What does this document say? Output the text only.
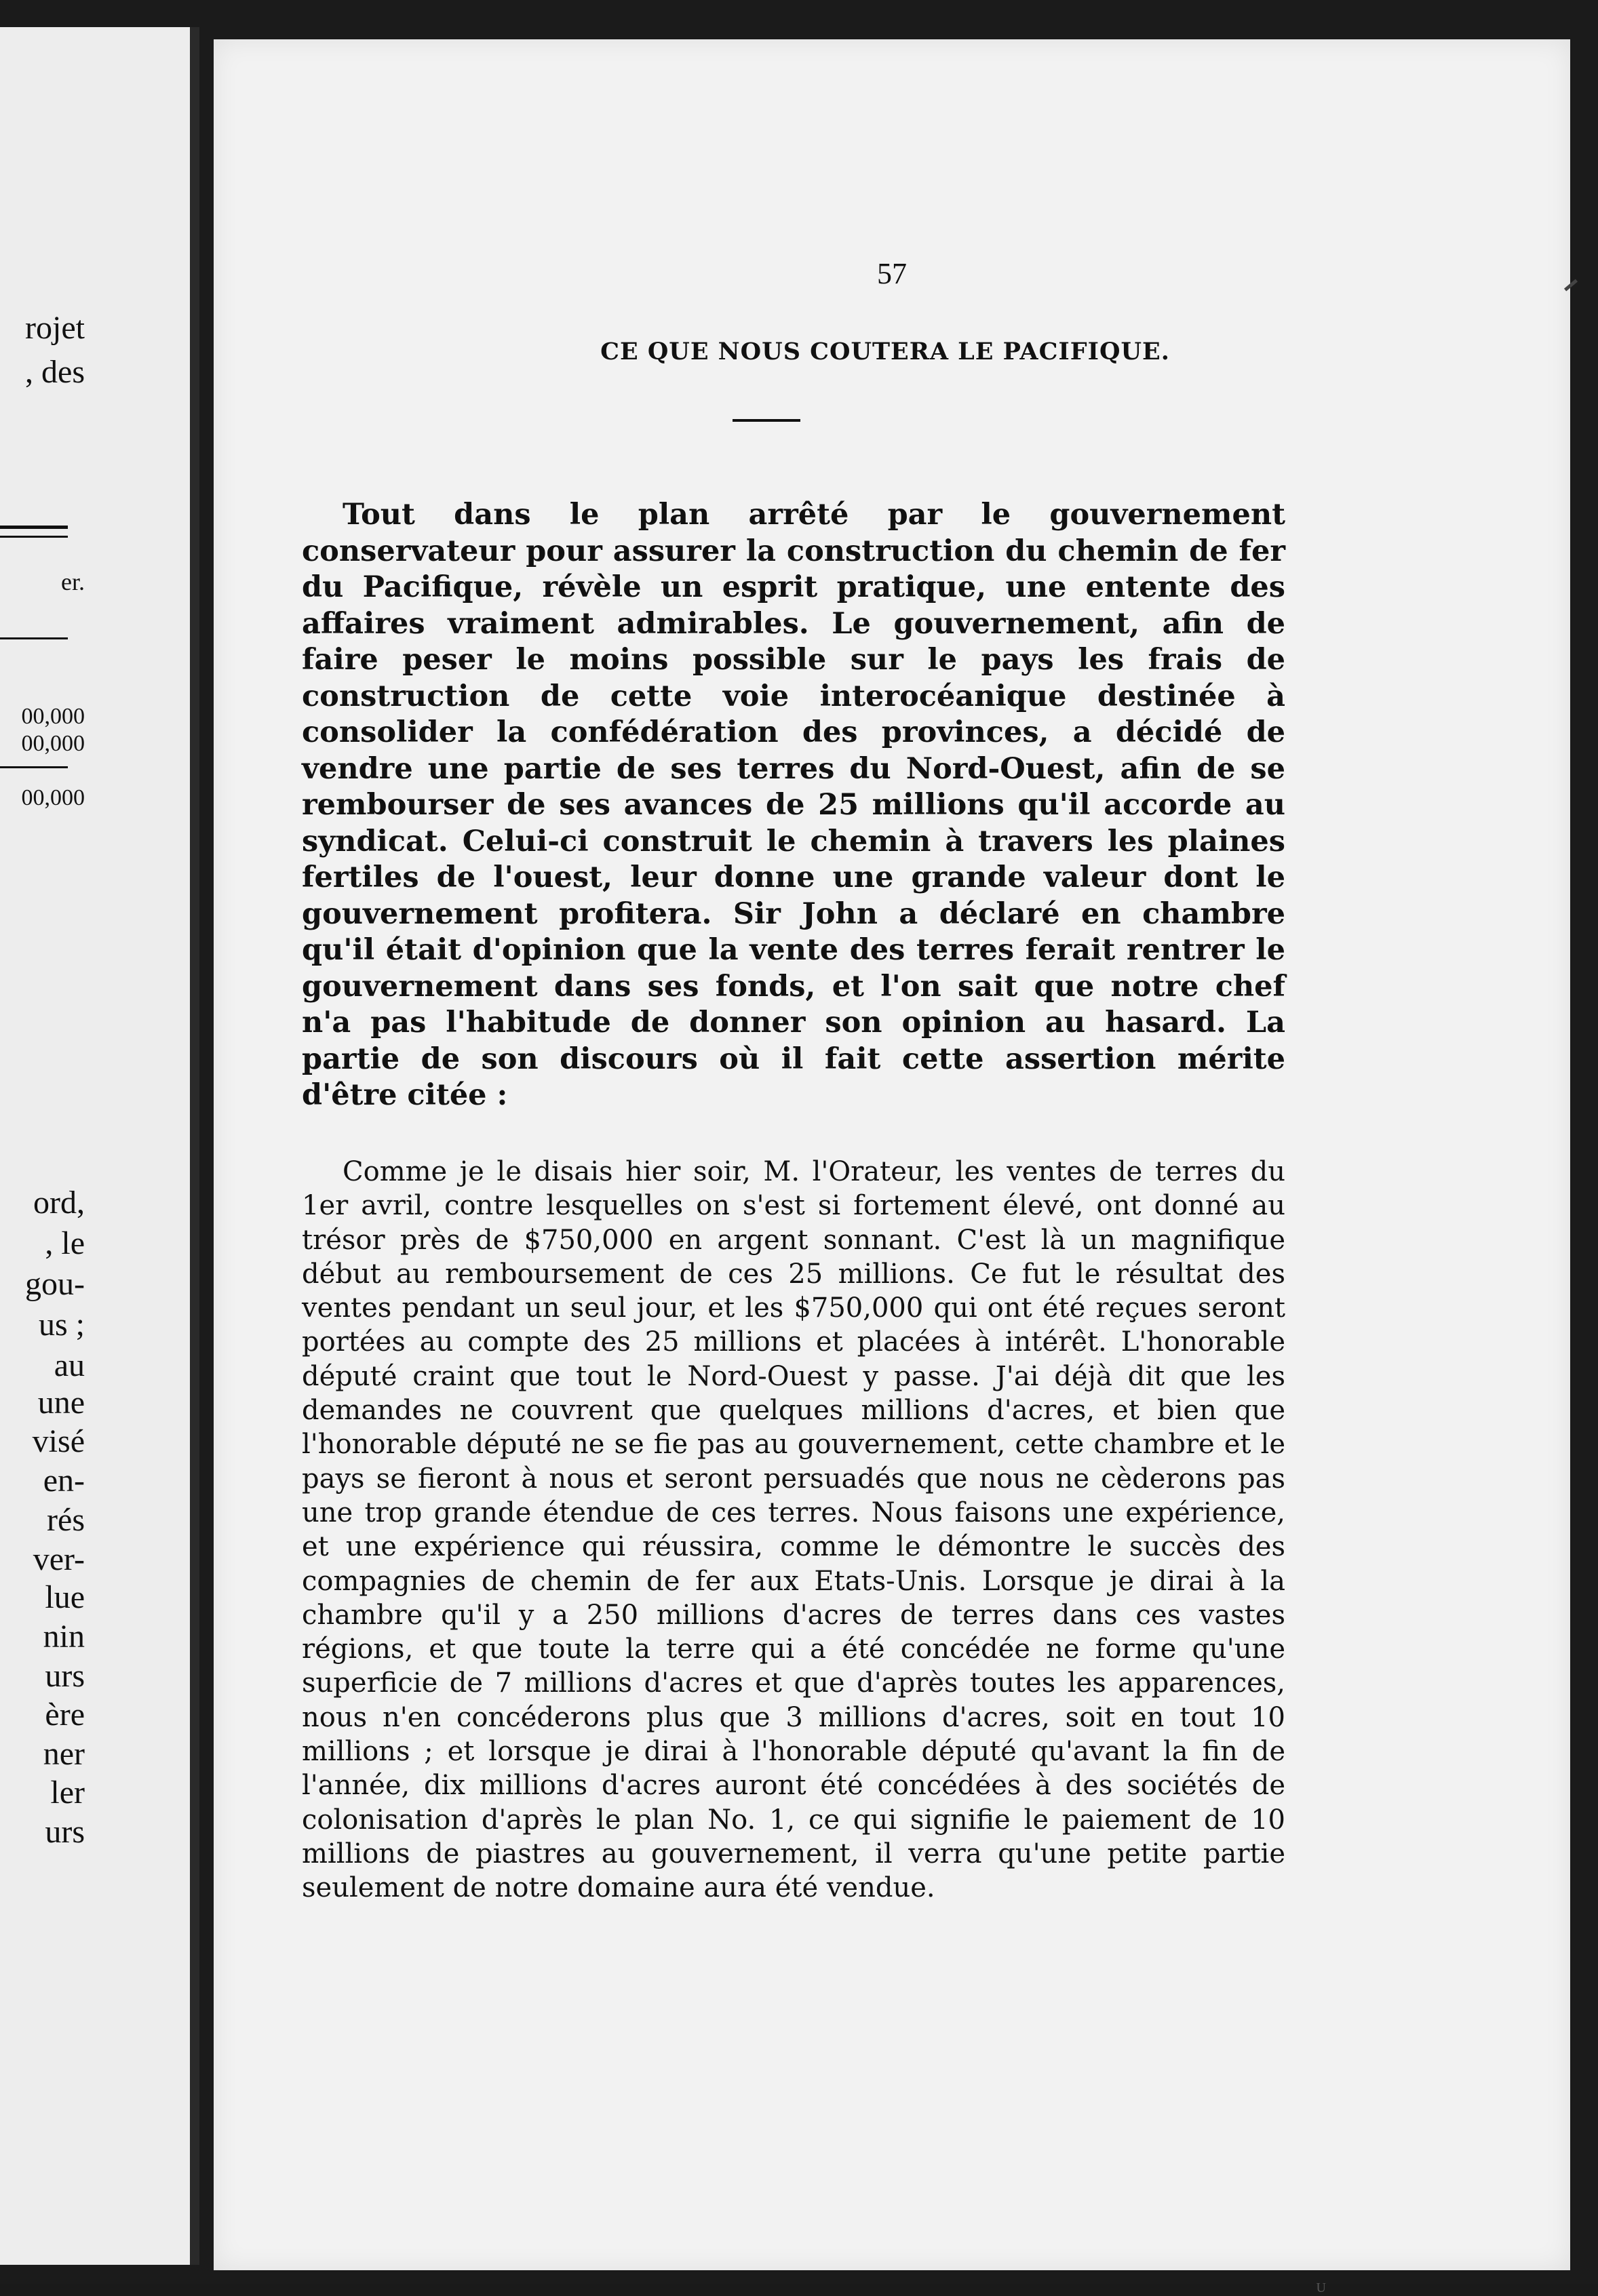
rojet
, des
er.
00,000
00,000
00,000
ord,
, le
gou-
us ;
au
une
visé
en-
rés
ver-
lue
nin
urs
ère
ner
ler
urs
57
CE QUE NOUS COUTERA LE PACIFIQUE.
Tout dans le plan arrêté par le gouvernement conservateur pour assurer la construction du chemin de fer du Pacifique, révèle un esprit pratique, une entente des affaires vraiment admirables. Le gouvernement, afin de faire peser le moins possible sur le pays les frais de construction de cette voie interocéanique destinée à consolider la confédération des provinces, a décidé de vendre une partie de ses terres du Nord-Ouest, afin de se rembourser de ses avances de 25 millions qu'il accorde au syndicat. Celui-ci construit le chemin à travers les plaines fertiles de l'ouest, leur donne une grande valeur dont le gouvernement profitera. Sir John a déclaré en chambre qu'il était d'opinion que la vente des terres ferait rentrer le gouvernement dans ses fonds, et l'on sait que notre chef n'a pas l'habitude de donner son opinion au hasard. La partie de son discours où il fait cette assertion mérite d'être citée :
Comme je le disais hier soir, M. l'Orateur, les ventes de terres du 1er avril, contre lesquelles on s'est si fortement élevé, ont donné au trésor près de $750,000 en argent sonnant. C'est là un magnifique début au remboursement de ces 25 millions. Ce fut le résultat des ventes pendant un seul jour, et les $750,000 qui ont été reçues seront portées au compte des 25 millions et placées à intérêt. L'honorable député craint que tout le Nord-Ouest y passe. J'ai déjà dit que les demandes ne couvrent que quelques millions d'acres, et bien que l'honorable député ne se fie pas au gouvernement, cette chambre et le pays se fieront à nous et seront persuadés que nous ne cèderons pas une trop grande étendue de ces terres. Nous faisons une expérience, et une expérience qui réussira, comme le démontre le succès des compagnies de chemin de fer aux Etats-Unis. Lorsque je dirai à la chambre qu'il y a 250 millions d'acres de terres dans ces vastes régions, et que toute la terre qui a été concédée ne forme qu'une superficie de 7 millions d'acres et que d'après toutes les apparences, nous n'en concéderons plus que 3 millions d'acres, soit en tout 10 millions ; et lorsque je dirai à l'honorable député qu'avant la fin de l'année, dix millions d'acres auront été concédées à des sociétés de colonisation d'après le plan No. 1, ce qui signifie le paiement de 10 millions de piastres au gouvernement, il verra qu'une petite partie seulement de notre domaine aura été vendue.
U
